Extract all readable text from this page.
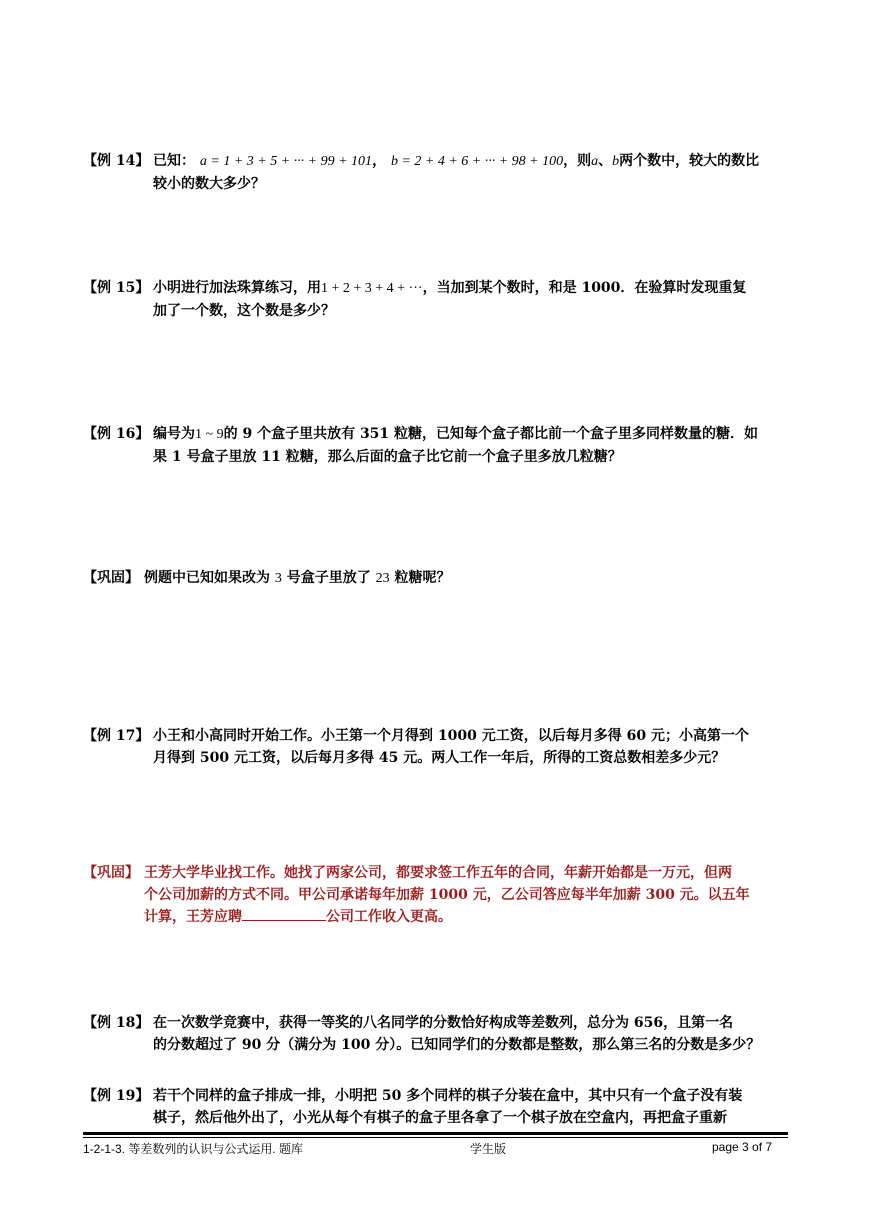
【例 14】 已知： a = 1 + 3 + 5 + ··· + 99 + 101， b = 2 + 4 + 6 + ··· + 98 + 100，则a、b两个数中，较大的数比
较小的数大多少？
【例 15】 小明进行加法珠算练习，用1 + 2 + 3 + 4 + ···，当加到某个数时，和是 1000．在验算时发现重复
加了一个数，这个数是多少？
【例 16】 编号为1 ~ 9的 9 个盒子里共放有 351 粒糖，已知每个盒子都比前一个盒子里多同样数量的糖．如
果 1 号盒子里放 11 粒糖，那么后面的盒子比它前一个盒子里多放几粒糖？
【巩固】 例题中已知如果改为 3 号盒子里放了 23 粒糖呢？
【例 17】 小王和小高同时开始工作。小王第一个月得到 1000 元工资，以后每月多得 60 元；小高第一个
月得到 500 元工资，以后每月多得 45 元。两人工作一年后，所得的工资总数相差多少元？
【巩固】 王芳大学毕业找工作。她找了两家公司，都要求签工作五年的合同，年薪开始都是一万元，但两
个公司加薪的方式不同。甲公司承诺每年加薪 1000 元，乙公司答应每半年加薪 300 元。以五年
计算，王芳应聘	公司工作收入更高。
【例 18】 在一次数学竞赛中，获得一等奖的八名同学的分数恰好构成等差数列，总分为 656，且第一名
的分数超过了 90 分（满分为 100 分）。已知同学们的分数都是整数，那么第三名的分数是多少？
【例 19】 若干个同样的盒子排成一排，小明把 50 多个同样的棋子分装在盒中，其中只有一个盒子没有装
棋子，然后他外出了，小光从每个有棋子的盒子里各拿了一个棋子放在空盒内，再把盒子重新
1-2-1-3. 等差数列的认识与公式运用. 题库	学生版	page 3 of 7
